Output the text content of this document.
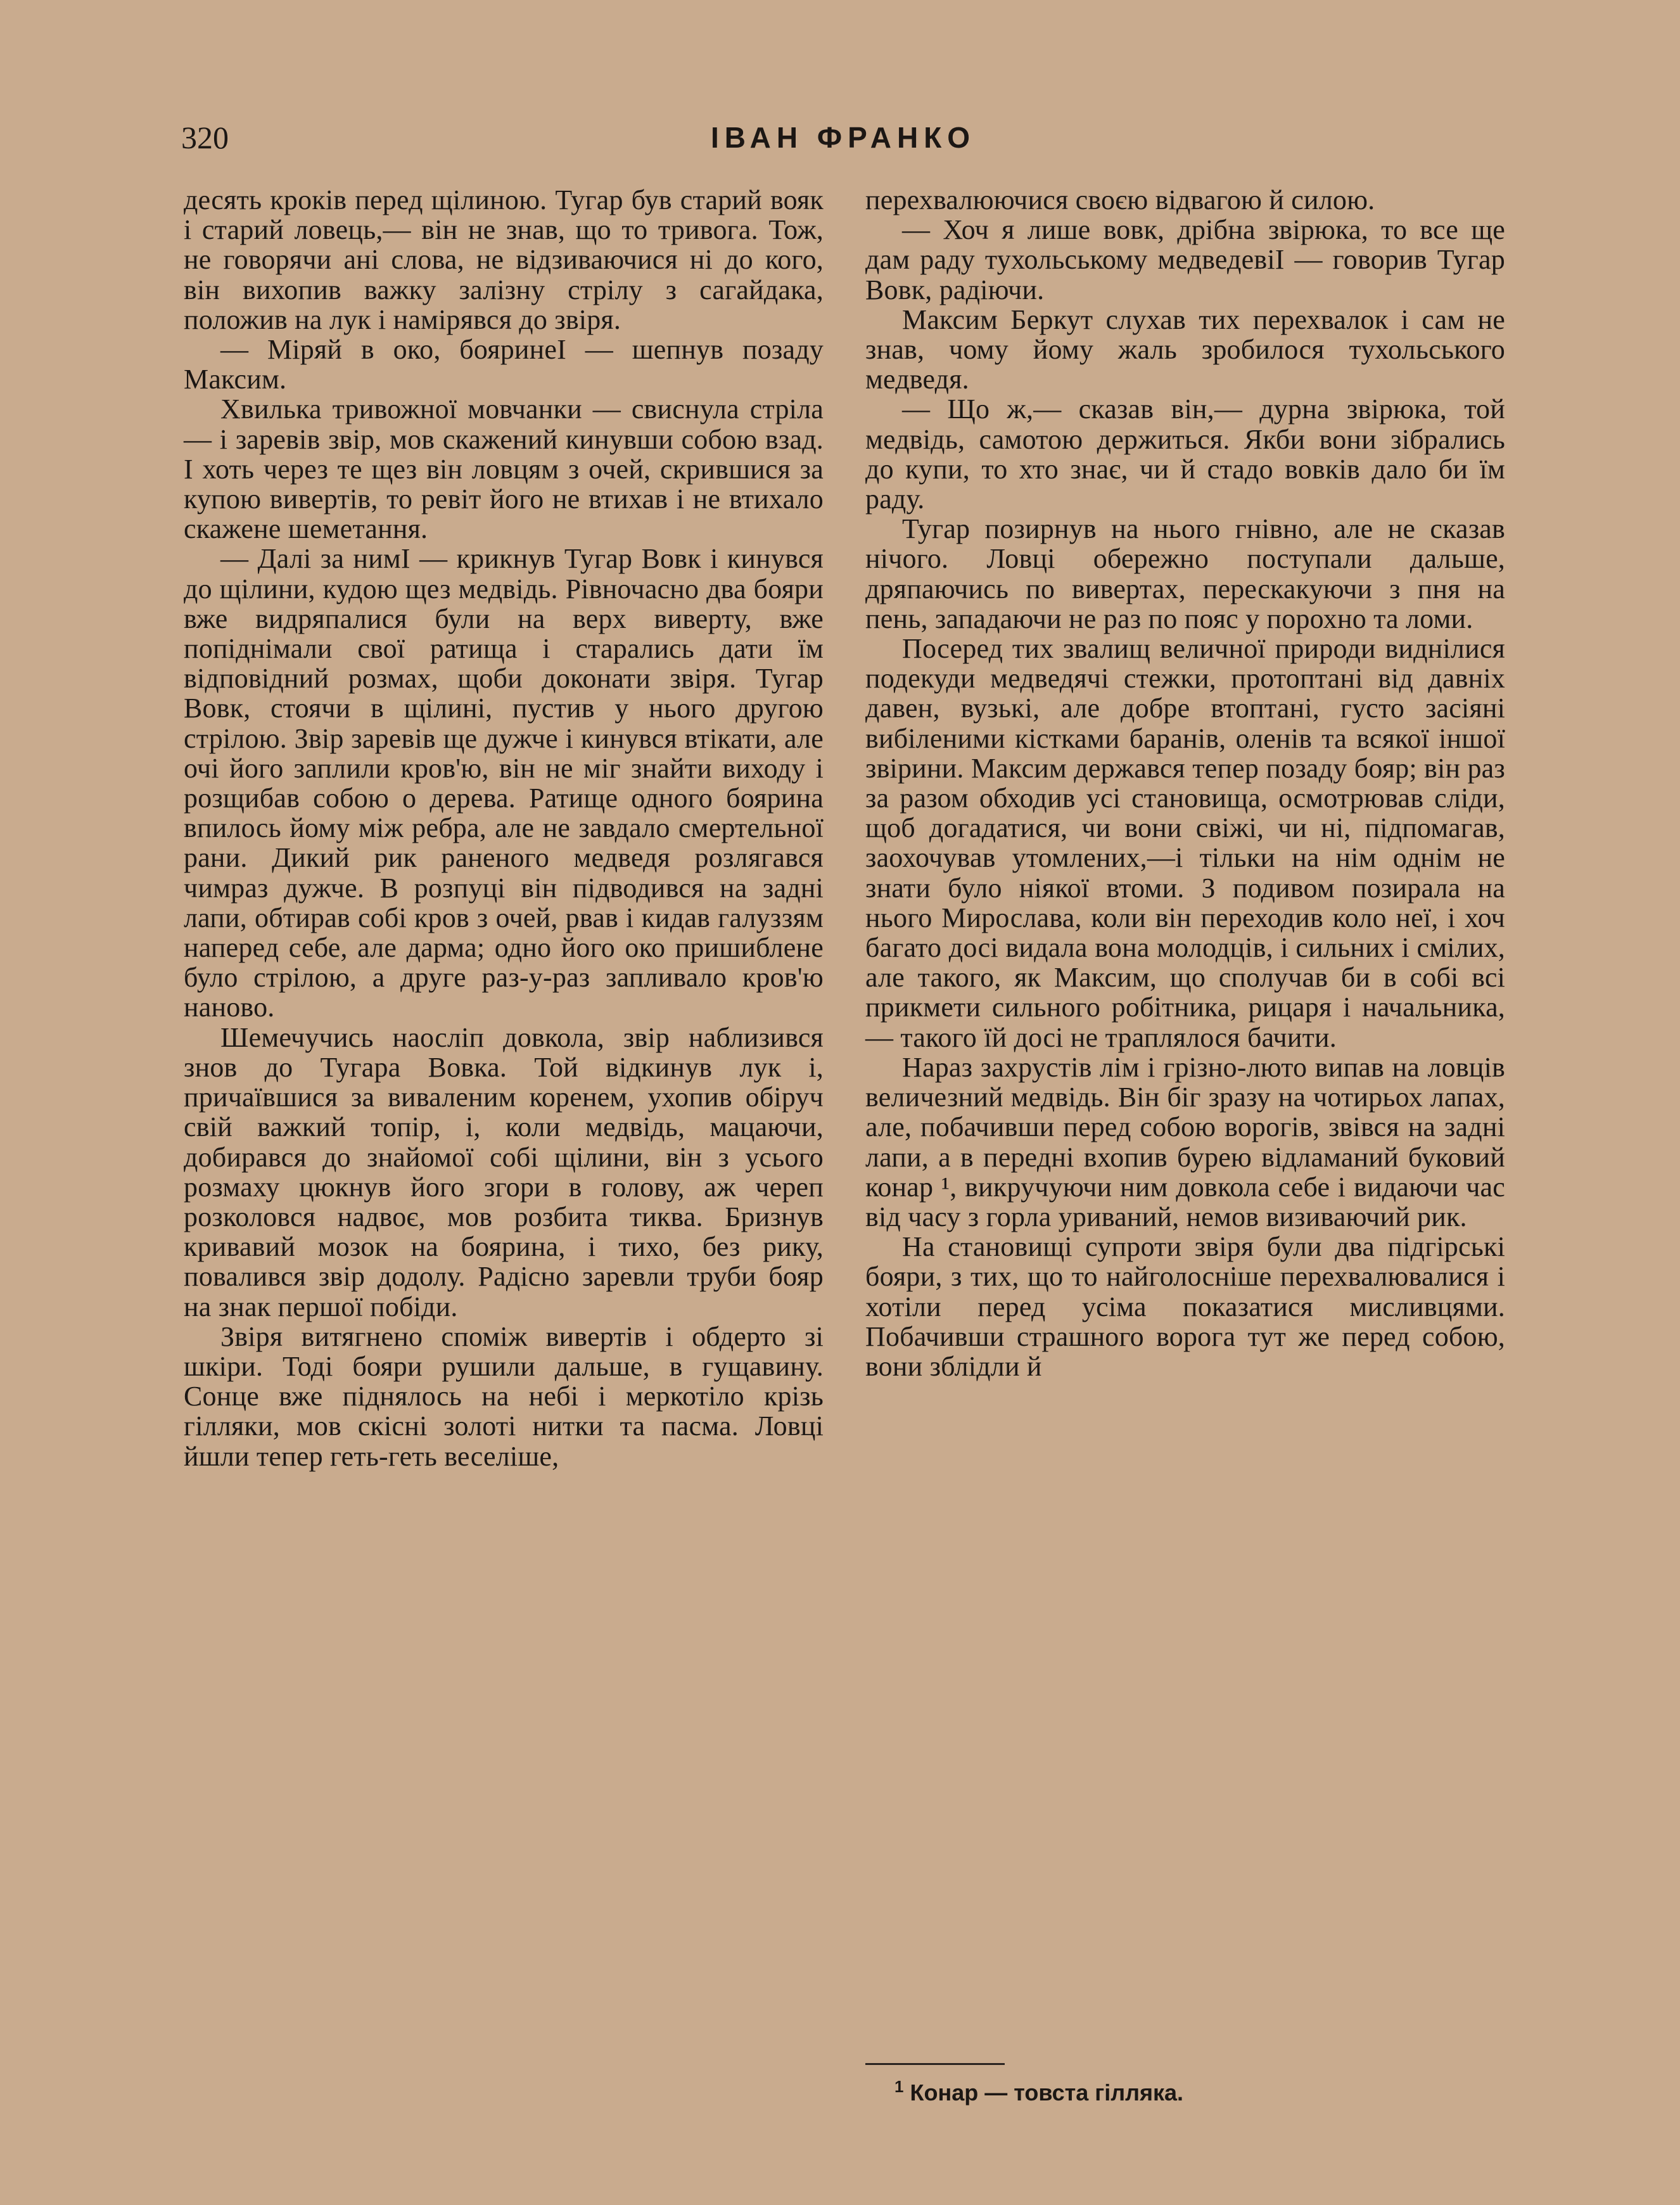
320	ІВАН ФРАНКО

десять кроків перед щілиною. Тугар був старий вояк і старий ловець,— він не знав, що то тривога. Тож, не говорячи ані слова, не відзиваючися ні до кого, він вихопив важку залізну стрілу з сагайдака, положив на лук і намірявся до звіря.

— Міряй в око, бояринеІ — шепнув позаду Максим.

Хвилька тривожної мовчанки — свиснула стріла — і заревів звір, мов скажений кинувши собою взад. І хоть через те щез він ловцям з очей, скрившися за купою вивертів, то ревіт його не втихав і не втихало скажене шеметання.

— Далі за нимІ — крикнув Тугар Вовк і кинувся до щілини, кудою щез медвідь. Рівночасно два бояри вже видряпалися були на верх виверту, вже попіднімали свої ратища і старались дати їм відповідний розмах, щоби доконати звіря. Тугар Вовк, стоячи в щілині, пустив у нього другою стрілою. Звір заревів ще дужче і кинувся втікати, але очі його заплили кров'ю, він не міг знайти виходу і розщибав собою о дерева. Ратище одного боярина впилось йому між ребра, але не завдало смертельної рани. Дикий рик раненого медведя розлягався чимраз дужче. В розпуці він підводився на задні лапи, обтирав собі кров з очей, рвав і кидав галуззям наперед себе, але дарма; одно його око пришиблене було стрілою, а друге раз-у-раз запливало кров'ю наново.

Шемечучись наосліп довкола, звір наблизився знов до Тугара Вовка. Той відкинув лук і, причаївшися за виваленим коренем, ухопив обіруч свій важкий топір, і, коли медвідь, мацаючи, добирався до знайомої собі щілини, він з усього розмаху цюкнув його згори в голову, аж череп розколовся надвоє, мов розбита тиква. Бризнув кривавий мозок на боярина, і тихо, без рику, повалився звір додолу. Радісно заревли труби бояр на знак першої побіди.

Звіря витягнено споміж вивертів і обдерто зі шкіри. Тоді бояри рушили дальше, в гущавину. Сонце вже піднялось на небі і меркотіло крізь гілляки, мов скісні золоті нитки та пасма. Ловці йшли тепер геть-геть веселіше,

перехвалюючися своєю відвагою й силою.

— Хоч я лише вовк, дрібна звірюка, то все ще дам раду тухольському медведевіІ — говорив Тугар Вовк, радіючи.

Максим Беркут слухав тих перехвалок і сам не знав, чому йому жаль зробилося тухольського медведя.

— Що ж,— сказав він,— дурна звірюка, той медвідь, самотою держиться. Якби вони зібрались до купи, то хто знає, чи й стадо вовків дало би їм раду.

Тугар позирнув на нього гнівно, але не сказав нічого. Ловці обережно поступали дальше, дряпаючись по вивертах, перескакуючи з пня на пень, западаючи не раз по пояс у порохно та ломи.

Посеред тих звалищ величної природи виднілися подекуди медведячі стежки, протоптані від давніх давен, вузькі, але добре втоптані, густо засіяні вибіленими кістками баранів, оленів та всякої іншої звірини. Максим держався тепер позаду бояр; він раз за разом обходив усі становища, осмотрював сліди, щоб догадатися, чи вони свіжі, чи ні, підпомагав, заохочував утомлених,—і тільки на нім однім не знати було ніякої втоми. З подивом позирала на нього Мирослава, коли він переходив коло неї, і хоч багато досі видала вона молодців, і сильних і смілих, але такого, як Максим, що сполучав би в собі всі прикмети сильного робітника, рицаря і начальника,— такого їй досі не траплялося бачити.

Нараз захрустів лім і грізно-люто випав на ловців величезний медвідь. Він біг зразу на чотирьох лапах, але, побачивши перед собою ворогів, звівся на задні лапи, а в передні вхопив бурею відламаний буковий конар ¹, викручуючи ним довкола себе і видаючи час від часу з горла уриваний, немов визиваючий рик.

На становищі супроти звіря були два підгірські бояри, з тих, що то найголосніше перехвалювалися і хотіли перед усіма показатися мисливцями. Побачивши страшного ворога тут же перед собою, вони зблідли й

$^1$ Конар — товста гілляка.
